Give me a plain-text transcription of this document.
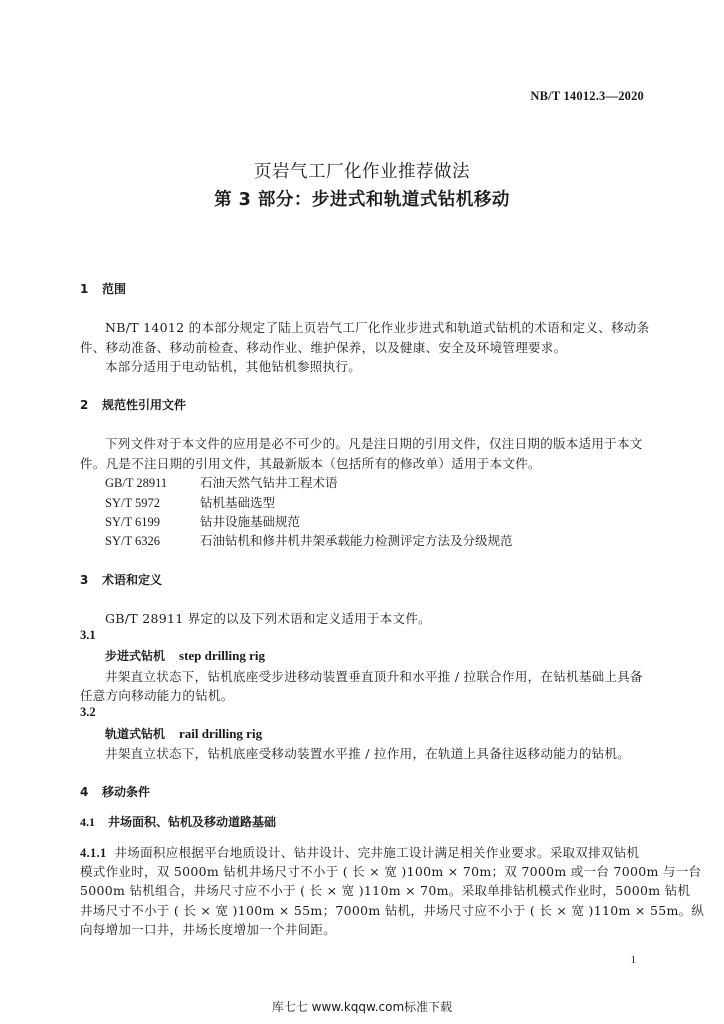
NB/T 14012.3—2020
页岩气工厂化作业推荐做法
第 3 部分：步进式和轨道式钻机移动
1 范围
NB/T 14012 的本部分规定了陆上页岩气工厂化作业步进式和轨道式钻机的术语和定义、移动条
件、移动准备、移动前检查、移动作业、维护保养，以及健康、安全及环境管理要求。
本部分适用于电动钻机，其他钻机参照执行。
2 规范性引用文件
下列文件对于本文件的应用是必不可少的。凡是注日期的引用文件，仅注日期的版本适用于本文
件。凡是不注日期的引用文件，其最新版本（包括所有的修改单）适用于本文件。
GB/T 28911	石油天然气钻井工程术语
SY/T 5972	钻机基础选型
SY/T 6199	钻井设施基础规范
SY/T 6326	石油钻机和修井机井架承载能力检测评定方法及分级规范
3 术语和定义
GB/T 28911 界定的以及下列术语和定义适用于本文件。
3.1
步进式钻机 step drilling rig
井架直立状态下，钻机底座受步进移动装置垂直顶升和水平推 / 拉联合作用，在钻机基础上具备
任意方向移动能力的钻机。
3.2
轨道式钻机 rail drilling rig
井架直立状态下，钻机底座受移动装置水平推 / 拉作用，在轨道上具备往返移动能力的钻机。
4 移动条件
4.1 井场面积、钻机及移动道路基础
4.1.1 井场面积应根据平台地质设计、钻井设计、完井施工设计满足相关作业要求。采取双排双钻机
模式作业时，双 5000m 钻机井场尺寸不小于 ( 长 × 宽 )100m × 70m；双 7000m 或一台 7000m 与一台
5000m 钻机组合，井场尺寸应不小于 ( 长 × 宽 )110m × 70m。采取单排钻机模式作业时，5000m 钻机
井场尺寸不小于 ( 长 × 宽 )100m × 55m；7000m 钻机，井场尺寸应不小于 ( 长 × 宽 )110m × 55m。纵
向每增加一口井，井场长度增加一个井间距。
1
库七七 www.kqqw.com标准下载
